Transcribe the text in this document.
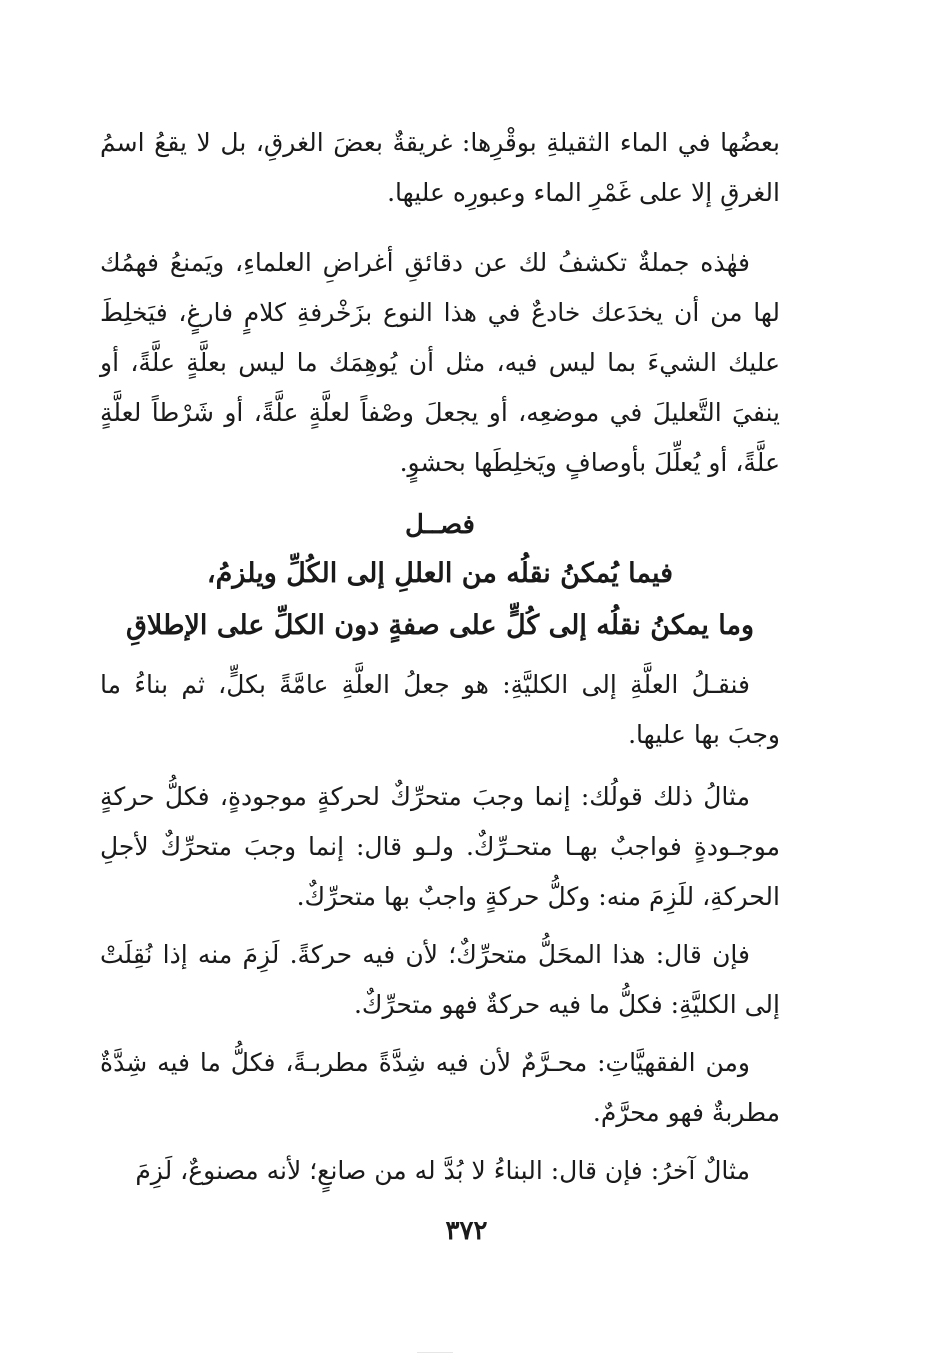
بعضُها في الماء الثقيلةِ بوقْرِها: غريقةٌ بعضَ الغرقِ، بل لا يقعُ اسمُ الغرقِ إلا على غَمْرِ الماء وعبورِه عليها.

فهٰذه جملةٌ تكشفُ لك عن دقائقِ أغراضِ العلماءِ، ويَمنعُ فهمُك لها من أن يخدَعك خادعٌ في هذا النوع بزَخْرفةِ كلامٍ فارغٍ، فيَخلِطَ عليك الشيءَ بما ليس فيه، مثل أن يُوهِمَك ما ليس بعلَّةٍ علَّةً، أو ينفيَ التَّعليلَ في موضعِه، أو يجعلَ وصْفاً لعلَّةٍ علَّةً، أو شَرْطاً لعلَّةٍ علَّةً، أو يُعلِّلَ بأوصافٍ ويَخلِطَها بحشوٍ.

فصــل
فيما يُمكنُ نقلُه من العللِ إلى الكُلِّ ويلزمُ،
وما يمكنُ نقلُه إلى كُلٍّ على صفةٍ دون الكلِّ على الإطلاقِ

فنقـلُ العلَّةِ إلى الكليَّةِ: هو جعلُ العلَّةِ عامَّةً بكلٍّ، ثم بناءُ ما وجبَ بها عليها.

مثالُ ذلك قولُك: إنما وجبَ متحرِّكٌ لحركةٍ موجودةٍ، فكلُّ حركةٍ موجـودةٍ فواجبٌ بهـا متحـرِّكٌ. ولـو قال: إنما وجبَ متحرِّكٌ لأجلِ الحركةِ، للَزِمَ منه: وكلُّ حركةٍ واجبٌ بها متحرِّكٌ.

فإن قال: هذا المحَلُّ متحرِّكٌ؛ لأن فيه حركةً. لَزِمَ منه إذا نُقِلَتْ إلى الكليَّةِ: فكلُّ ما فيه حركةٌ فهو متحرِّكٌ.

ومن الفقهيَّاتِ: محـرَّمٌ لأن فيه شِدَّةً مطربـةً، فكلُّ ما فيه شِدَّةٌ مطربةٌ فهو محرَّمٌ.

مثالٌ آخرُ: فإن قال: البناءُ لا بُدَّ له من صانعٍ؛ لأنه مصنوعٌ، لَزِمَ

٣٧٢
